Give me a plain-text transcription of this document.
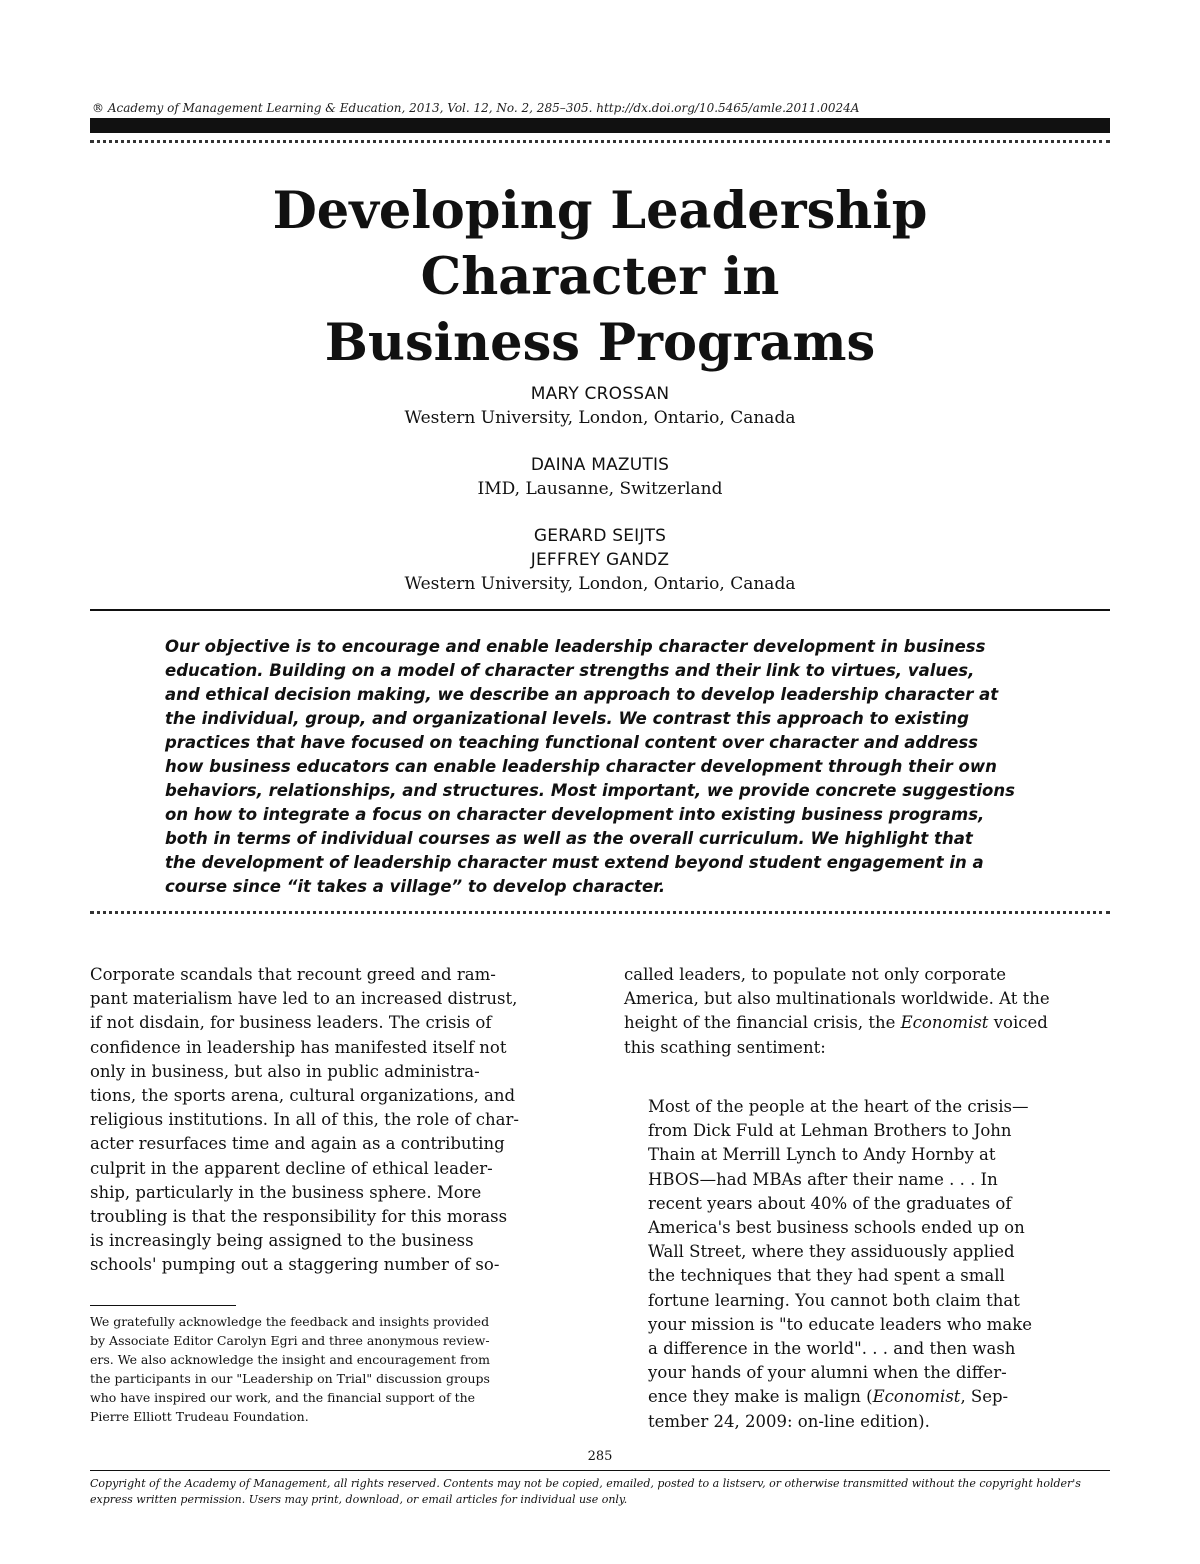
® Academy of Management Learning & Education, 2013, Vol. 12, No. 2, 285–305. http://dx.doi.org/10.5465/amle.2011.0024A
Developing Leadership
Character in
Business Programs
MARY CROSSAN
Western University, London, Ontario, Canada
DAINA MAZUTIS
IMD, Lausanne, Switzerland
GERARD SEIJTS
JEFFREY GANDZ
Western University, London, Ontario, Canada
Our objective is to encourage and enable leadership character development in business
education. Building on a model of character strengths and their link to virtues, values,
and ethical decision making, we describe an approach to develop leadership character at
the individual, group, and organizational levels. We contrast this approach to existing
practices that have focused on teaching functional content over character and address
how business educators can enable leadership character development through their own
behaviors, relationships, and structures. Most important, we provide concrete suggestions
on how to integrate a focus on character development into existing business programs,
both in terms of individual courses as well as the overall curriculum. We highlight that
the development of leadership character must extend beyond student engagement in a
course since “it takes a village” to develop character.
Corporate scandals that recount greed and ram-
pant materialism have led to an increased distrust,
if not disdain, for business leaders. The crisis of
confidence in leadership has manifested itself not
only in business, but also in public administra-
tions, the sports arena, cultural organizations, and
religious institutions. In all of this, the role of char-
acter resurfaces time and again as a contributing
culprit in the apparent decline of ethical leader-
ship, particularly in the business sphere. More
troubling is that the responsibility for this morass
is increasingly being assigned to the business
schools' pumping out a staggering number of so-
We gratefully acknowledge the feedback and insights provided
by Associate Editor Carolyn Egri and three anonymous review-
ers. We also acknowledge the insight and encouragement from
the participants in our "Leadership on Trial" discussion groups
who have inspired our work, and the financial support of the
Pierre Elliott Trudeau Foundation.
called leaders, to populate not only corporate
America, but also multinationals worldwide. At the
height of the financial crisis, the Economist voiced
this scathing sentiment:
Most of the people at the heart of the crisis—
from Dick Fuld at Lehman Brothers to John
Thain at Merrill Lynch to Andy Hornby at
HBOS—had MBAs after their name . . . In
recent years about 40% of the graduates of
America's best business schools ended up on
Wall Street, where they assiduously applied
the techniques that they had spent a small
fortune learning. You cannot both claim that
your mission is "to educate leaders who make
a difference in the world". . . and then wash
your hands of your alumni when the differ-
ence they make is malign (Economist, Sep-
tember 24, 2009: on-line edition).
285
Copyright of the Academy of Management, all rights reserved. Contents may not be copied, emailed, posted to a listserv, or otherwise transmitted without the copyright holder's
express written permission. Users may print, download, or email articles for individual use only.
